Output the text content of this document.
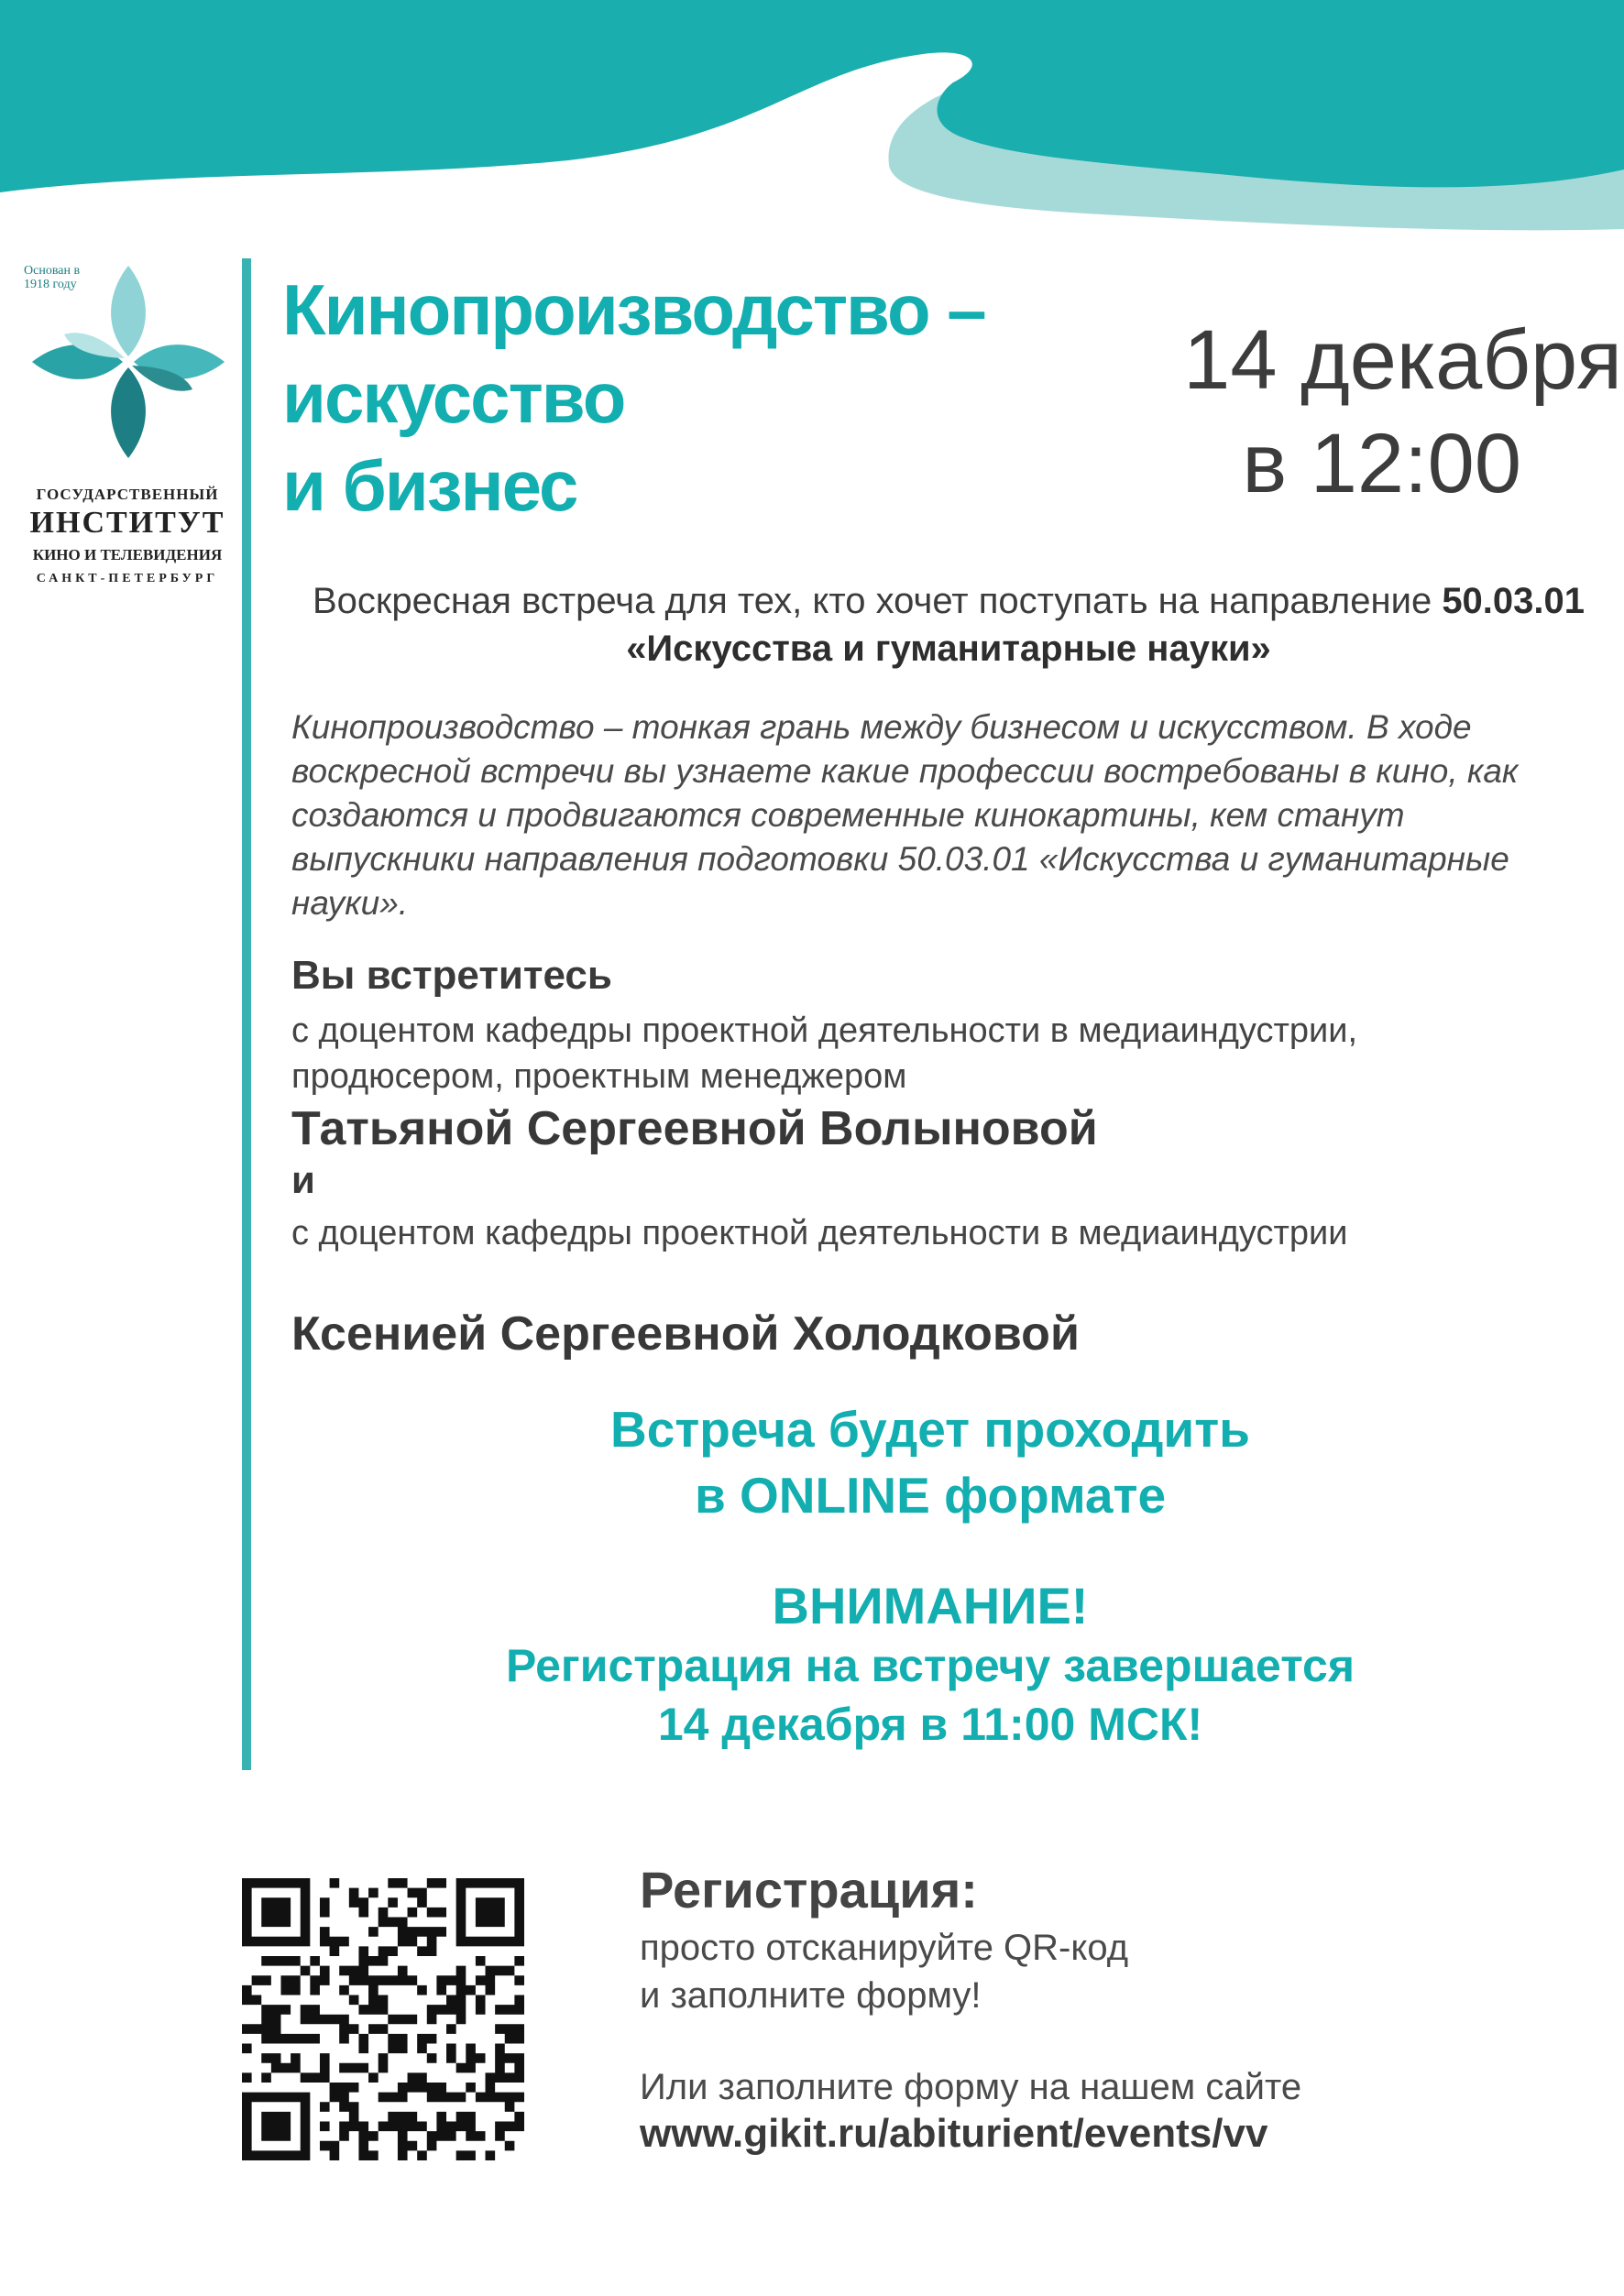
Основан в 1918 году
ГОСУДАРСТВЕННЫЙ
ИНСТИТУТ
КИНО И ТЕЛЕВИДЕНИЯ
САНКТ-ПЕТЕРБУРГ
Кинопроизводство –
искусство
и бизнес
14 декабря
в 12:00
Воскресная встреча для тех, кто хочет поступать на направление 50.03.01 «Искусства и гуманитарные науки»
Кинопроизводство – тонкая грань между бизнесом и искусством. В ходе воскресной встречи вы узнаете какие профессии востребованы в кино, как создаются и продвигаются современные кинокартины, кем станут выпускники направления подготовки 50.03.01 «Искусства и гуманитарные науки».
Вы встретитесь
с доцентом кафедры проектной деятельности в медиаиндустрии, продюсером, проектным менеджером
Татьяной Сергеевной Волыновой
и
с доцентом кафедры проектной деятельности в медиаиндустрии
Ксенией Сергеевной Холодковой
Встреча будет проходить
в ONLINE формате
ВНИМАНИЕ!
Регистрация на встречу завершается
14 декабря в 11:00 МСК!
Регистрация:
просто отсканируйте QR-код
и заполните форму!
Или заполните форму на нашем сайте
www.gikit.ru/abiturient/events/vv
